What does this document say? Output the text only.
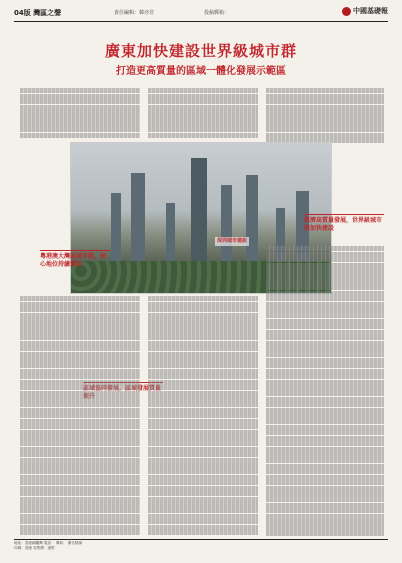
04版 灣區之聲	責任編輯：韓亦非	投稿郵箱：	中國基礎報
廣東加快建設世界級城市群
打造更高質量的區域一體化發展示範區
深圳城市建設
粵港澳大灣區城市群，核心地位持續鞏固
區域協同發展，區域發展質量提升
經濟高質量發展，世界級城市群加快建設
地址：香港銅鑼灣 電話： 傳真： 廣告熱線：
印刷：香港 零售價：港幣
